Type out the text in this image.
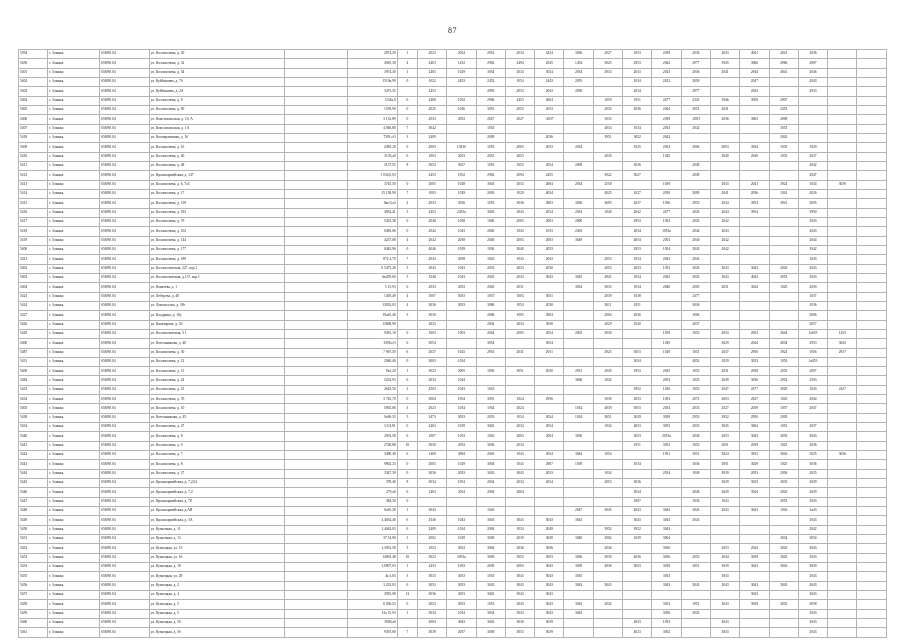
87
5394	г. Злынка	658/80.04	ул. Коллонтаева, д. 30		2874,39	1	2023	2024	2052	2034	3434	3036	2027	1053	2039	2036	2043	4041	2041	2036		
5450	г. Злынка	658/80.04	ул. Коллонтаева, д. 32		4945,30	4	2403	1452	2902	2494	2645	1454	3025	2953	2042	2977	3945	3966	2966	2907		
5401	г. Злынка	658/80.04	ул. Коллонтаева, д. 34		3974,30	1	2403	1029	3054	2034	3034	2034	3033	2033	2023	2036	2041	2944	4041	2046		
5402	г. Злынка	658/80.04	ул. Куйбышева, д. 7б		1519а,99	0	1022	2453	2452	1054	2443	2055		1034	2452	2050		2047		2043		
5403	г. Злынка	658/80.04	ул. Куйбышева, д. 2А		3473,35		2453		2993	2033	2043	2030		2034		2977		2043		2933		
5404	г. Злынка	658/80.04	ул. Коллонтаева, д. 8		5/54а,0	6	2406	1052	2906	2453	2604		1059	1951	2477	2341	3946	3958	2907			
5405	г. Злынка	658/80.04	ул. Коллонтаева, д. 90		1539,90	0	2025	1026	3053	2053	2033		2033	2036	2044	3051	2041		2453			
5406	г. Злынка	658/80.04	ул. Комсомольская, д. 10, А		3 133,89	0	2033	2033	2027	2027	-2037		1033		2039	-2053	2036	3003	2009			
5407	г. Злынка	658/80.04	ул. Комсомольская, д. 1А		4,946,80	7	3042		1033				4034	1034	2033	2042			3053			
5418	г. Злынка	658/80.04	ул. Кооперативная, д. 16		7391,сО	3	2409		2009		2036		3951	3052	2042				2042			
5409	г. Злынка	658/80.04	ул. Коллонтаева, д. 16		2495,20	0	2003	1033б	1053	2003	2033	2034		1025	2053	3004	2003	3934	1035	1029		
5410	г. Злынка	658/80.04	ул. Коллонтаева, д. 40		3133,а0	6	1003	2033	2053	2053			2030		1025		3040	2026	1033	2037		
5411	г. Злынка	658/80.04	ул. Коллонтаева, д. 48		3137,55	8	3053	3027	1053	1053	2034	2009		3036		2049				2042		
5412	г. Злынка	658/80.04	ул. Красноармейская, д. 147		1 034,0,03		2453	1052	2902	2094	2455		3922	3027		2049				2047		
5413	г. Злынка	658/80.04	ул. Коллонтаева, д. 6, 7а3		3745,50	0	2005	1028	3043	2033	2004	2034	2558		1039		2043	2041	3924	1034	3039	
5414	г. Злынка	658/80.04	ул. Коллонтаева, д. 17		15 138,90	7	1003	1029	2003	1029	4034		4025	1027	2039	2009	2041	2036	1041	2026		
5415	г. Злынка	658/80.04	ул. Коллонтаева, д. 139		0ва 0,а3	2	2033	3036	1053	3036	3603	3036	3605	2027	1036	2953	2044	3954	3941	3005		
5416	г. Злынка	658/80.04	ул. Коллонтаева, д. 183		4954,41	3	2453	2453а	3043	3043	2034	2034	1040	2042	2477	2043	2044	3954		3950		
5417	г. Злынка	658/80.04	ул. Коллонтаева, д. 7б		5433,38	6	2040	1038	1040	2003	2003	2000		2953	1054	2043	2042			3043		
5418	г. Злынка	658/80.04	ул. Коллонтаева, д. 102		0483,06	0	2042	1043	2040	1043	1053	2403		2034	1053а	2044	2043			2043		
5419	г. Злынка	658/80.04	ул. Коллонтаева, д. 144		4237,08	4	2042	2038	2040	2003	2003	3649		4054	2053	2040	2042			2044		
5400	г. Злынка	658/80.04	ул. Коллонтаева, д. 177		0443,96	0	4046	1039	1036	2040	2053			2953	1054	2043	2042			3942		
5421	г. Злынка	658/80.04	ул. Коллонтаева, д. 189		872 4,70	7	2043	3058	1043	1043	2043		2053	1054	2043	2043				1043		
5402	г. Злынка	658/80.04	ул. Коллонтаевская, 227, кор.1		0 5475,26	5	3043	1043	2033	2033	2030		2053	2053	1053	3043	3043	3043	2043	2043		
5403	г. Злынка	658/80.04	ул. Коллонтаевская, д.137, кор.1		6в295,00	5	3540	1043	2043	2043	3043	3045	4941	1054	2043	3043	3043	4043	3053	3043		
5404	г. Злынка	658/80.04	ул. Ковалева, д. 1		5 15,93	6	2033	2053	2043	2031		3034	3033	1034	2040	2003	2051	3024	1025	2039		
5423	г. Злынка	658/80.04	ул. Лебедева, д. 48		1405,49	4	1007	5033	1037	1003	3051		2039	1038		2477				1037		
5424	г. Злынка	658/80.04	ул. Ломоносова, д. 58г		13052,03	4	3036	3053	3086	1054	2030		3011	1051		3036				1036		
5427	г. Злынка	658/80.04	ул. Кладрина, д. 10у		10а45,40	5	3030		2006	1005	3004		2004	2036		1004				3006		
5426	г. Злынка	658/80.04	ул. Кашпирова, д. 30		13008,90		2032		2034	2034	3030		2029	1020		2037				2057		
5429	г. Злынка	658/80.04	ул. Коллонтаевская, 3 1		9381,10	6	1003	1003	2044	2005	2034	2003	3030		1059	1053	2033	2053	2644	1а055	1433	
5400	г. Злынка	658/80.04	ул. Котельникова, д. 40		3396,сО	6	3054		3054		3054				1029		3029	2044	4034	2953	3043	
5487	г. Злынка	658/80.04	ул. Коллонтаева, д. 30		7 967,50	6	2037	1025	2953	2031	2931		3023	3053	1029	1051	2037	2956	3924	1056	2937	
5431	г. Злынка	658/80.04	ул. Коллонтаева, д. 12		2940,40	0	3003	1034						3034		4052	1029	3033	1053	1а053		
5400	г. Злынка	658/80.04	ул. Коллонтаева, д. 13		9в1,20	1	3023	2005	1003	3051	2030	2931	2045	1953	2025	1053	2031	2038	2053	2007		
5484	г. Злынка	658/80.04	ул. Коллонтаева, д. 24		5233,93	6	3034	1024				3606	1034		2053	1025	2049	3036	2952	2503		
5433	г. Злынка	658/80.04	ул. Коллонтаева, д. 41		2643,50	3	2503	1043	1043					3952	1026	1053	2047	2477	3029	1043	2437	
5434	г. Злынка	658/80.04	ул. Коллонтаева, д. 76		3 745,70	0	3004	1054	3053	1024	2956		1039	2053	1053	2072	2003	2027	1043	2044		
5403	г. Злынка	658/80.04	ул. Коллонтаева, д. 10		5092,06	3	2023	1034	1034	2024		1034	4039	3053	2034	2033	2027	2039	1057	2047		
5438	г. Злынка	658/80.04	ул. Котельникова, д. 45		0а96,33	5	3473	3053	2053	1034	3024	1034	3051	3029	3039	2953	3952	2950	2029			
5434	г. Злынка	658/80.04	ул. Коллонтаева, д. 47		3 3/4,81	0	2403	1039	3043	2034	3034		1034	4053	3053	2033	3045	3004	1053	2037		
5440	г. Злынка	658/80.04	ул. Коллонтаева, д. 8		2953,58	6	1007	1053	1043	2003	2004	3030		3053	2053а	3036	2053	3043	3039	3043		
5441	г. Злынка	658/80.04	ул. Коллонтаева, д. 0		2740,88	10	3030	2033	3036	2034				1951	3053	1053	3051	2039	1023	2036		
5442	г. Злынка	658/80.04	ул. Коллонтаева, д. 7		3490,40	6	1400	3094	2043	1043	3034	3044	1054		1951	3951	3024	3952	3043	1025	3036	
5443	г. Злынка	658/80.04	ул. Коллонтаева, д. 8		9902,33	0	2003	1029	3004	1043	2907	1039		1034		3036	2951	3029	1025	3036		
5444	г. Злынка	658/80.04	ул. Коллонтаева, д. 27		3347,39	0	3036	2033	3043	3043	2033		1034		2034	1049	3039	2053	2036	2035		
5445	г. Злынка	658/80.04	ул. Красноармейская, д. 7,2,02		378,40	8	3034	1054	2034	2034	2034		2053	3036			3029	3025	3033	2039		
5446	г. Злынка	658/80.04	ул. Красноармейская, д. 7,2		279,а0	6	1403	2034	2094	2004				3034		2046	2029	3024	2043	2039		
5447	г. Злынка	658/80.04	ул. Красноармейская, д. 78		384,30	6								1007		1036	1043		3053	3043		
5448	г. Злынка	658/80.04	ул. Красноармейская, д.АВ		0аб5,28	1	3043		1043			2047	3045	2043	3043	3043	2043	3043	1043	3а43		
5449	г. Злынка	658/80.04	ул. Красноармейская, д. 3А		3,4034,40	6	3540	1043	3043	3043	3043	3043		3043	3043	3043				3043		
5450	г. Злынка	658/80.04	ул. Кузнечная, д. 11		1,4044,03	6	2409	1034	2094	1034	2049		3952	3952	3043					2042		
5451	г. Злынка	658/80.04	ул. Кузнечная, д. 13		37 54,90	1	2002	1029	3049	2039	3049	3040	2902	1029	3004				3034	3054		
5452	г. Злынка	658/80.04	ул. Кузнецкая, ул. 15		1,3933,58	5	1053	3052	3004	3036	3036		3036		3036		2053	2043	3043	3043		
5453	г. Злынка	658/80.04	ул. Кузнецкая, ул. 16		14003,48	10	3023	3053а	3049	3053	3053	3036	3039	4036	3036	2053	3044	3039	3043	3043		
5454	г. Злынка	658/80.04	ул. Кузнецкая, д. 18		1,0907,03	1	2433	1053	2039	2003	3043	3039	4036	3033	3039	3051	3039	3043	3043	3039		
5455	г. Злынка	658/80.04	ул. Кузнецкая, ул. 28		4а 3,03	3	3033	3033	1053	3043	3043	3035			3033		3043			3043		
5456	г. Злынка	658/80.04	ул. Кузнецкая, д. 2		3,233,03	6	3053	3053	3043	3043	3043	3043	3043		3043	3043	3043	3043	3043	3043		
5457	г. Злынка	658/80.04	ул. Кузнецкая, д. 4		3935,08	13	3036	3053	3043	3043	3043							3043		3043		
5458	г. Злынка	658/80.04	ул. Кузнецкая, д. 5		0 036,53	0	3053	3053	1053	3043	3043	3043	3034		3052	1951	3043	3039	3035	3058		
5459	г. Злынка	658/80.04	ул. Кузнецкая, д. 5		15а 15,93	1	3034	1034	3034	3043	3043	3043			3030	3043				3043		
5460	г. Злынка	658/80.04	ул. Кузнецкая, д. 50		3900,а0		2004	3043	3043	3030	3039			4033	1053		3043			3043		
5461	г. Злынка	658/80.04	ул. Кузнецкая, д. 5б		9391,00	7	3039	2037	3058	3053	3039			4023	3052		3043			3043		
